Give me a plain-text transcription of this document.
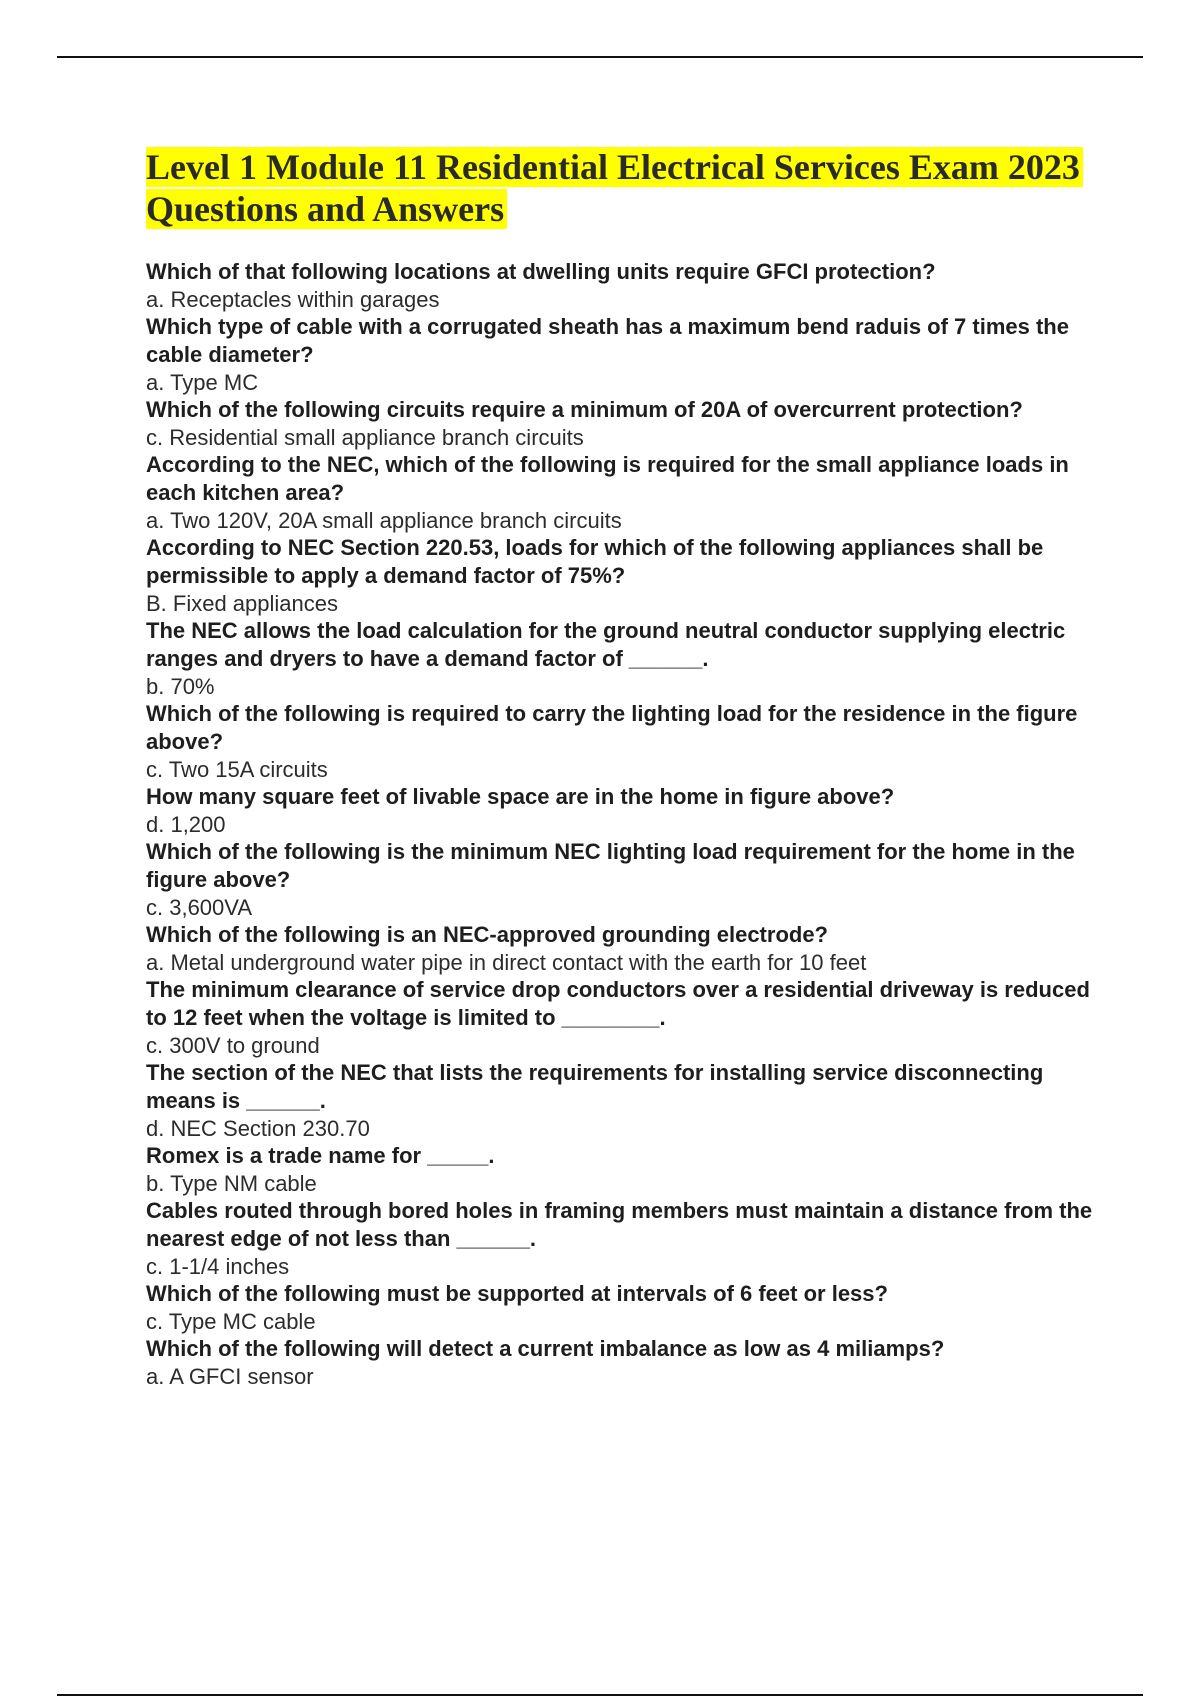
Level 1 Module 11 Residential Electrical Services Exam 2023 Questions and Answers
Which of that following locations at dwelling units require GFCI protection?
a. Receptacles within garages
Which type of cable with a corrugated sheath has a maximum bend raduis of 7 times the cable diameter?
a. Type MC
Which of the following circuits require a minimum of 20A of overcurrent protection?
c. Residential small appliance branch circuits
According to the NEC, which of the following is required for the small appliance loads in each kitchen area?
a. Two 120V, 20A small appliance branch circuits
According to NEC Section 220.53, loads for which of the following appliances shall be permissible to apply a demand factor of 75%?
B. Fixed appliances
The NEC allows the load calculation for the ground neutral conductor supplying electric ranges and dryers to have a demand factor of ______.
b. 70%
Which of the following is required to carry the lighting load for the residence in the figure above?
c. Two 15A circuits
How many square feet of livable space are in the home in figure above?
d. 1,200
Which of the following is the minimum NEC lighting load requirement for the home in the figure above?
c. 3,600VA
Which of the following is an NEC-approved grounding electrode?
a. Metal underground water pipe in direct contact with the earth for 10 feet
The minimum clearance of service drop conductors over a residential driveway is reduced to 12 feet when the voltage is limited to ________.
c. 300V to ground
The section of the NEC that lists the requirements for installing service disconnecting means is ______.
d. NEC Section 230.70
Romex is a trade name for _____.
b. Type NM cable
Cables routed through bored holes in framing members must maintain a distance from the nearest edge of not less than ______.
c. 1-1/4 inches
Which of the following must be supported at intervals of 6 feet or less?
c. Type MC cable
Which of the following will detect a current imbalance as low as 4 miliamps?
a. A GFCI sensor
